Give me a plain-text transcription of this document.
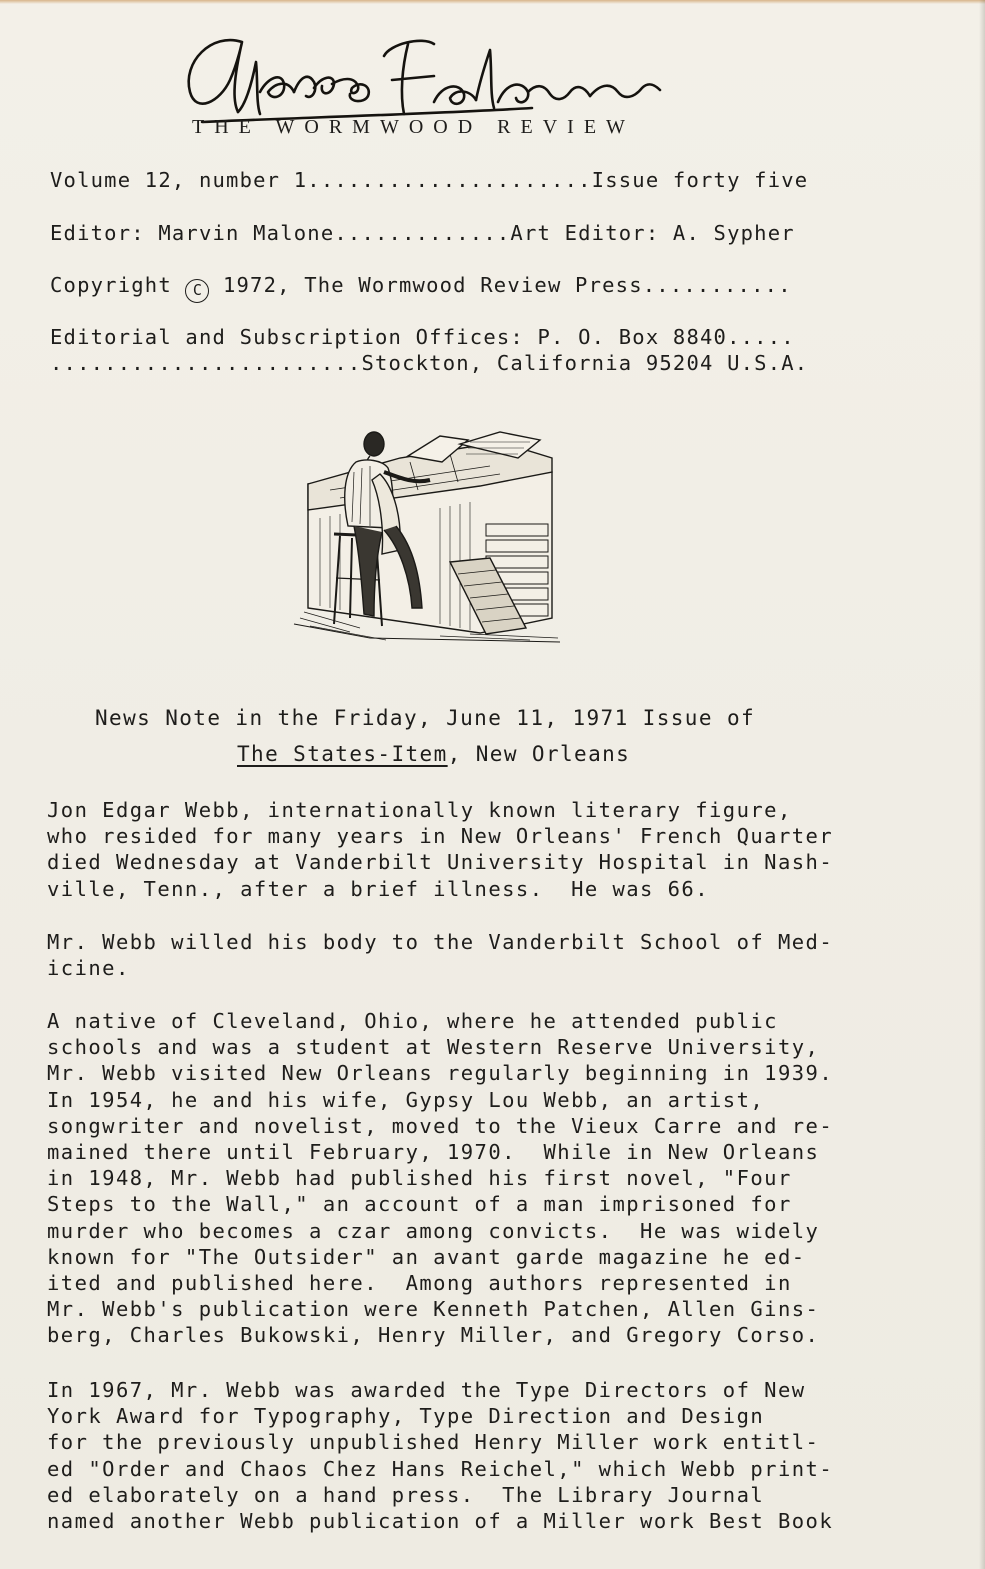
THE WORMWOOD REVIEW
Volume 12, number 1.....................Issue forty five
Editor: Marvin Malone.............Art Editor: A. Sypher
Copyright C 1972, The Wormwood Review Press...........
Editorial and Subscription Offices: P. O. Box 8840.....
.......................Stockton, California 95204 U.S.A.
News Note in the Friday, June 11, 1971 Issue of
The States-Item, New Orleans
Jon Edgar Webb, internationally known literary figure,
who resided for many years in New Orleans' French Quarter
died Wednesday at Vanderbilt University Hospital in Nash-
ville, Tenn., after a brief illness.  He was 66.
Mr. Webb willed his body to the Vanderbilt School of Med-
icine.
A native of Cleveland, Ohio, where he attended public
schools and was a student at Western Reserve University,
Mr. Webb visited New Orleans regularly beginning in 1939.
In 1954, he and his wife, Gypsy Lou Webb, an artist,
songwriter and novelist, moved to the Vieux Carre and re-
mained there until February, 1970.  While in New Orleans
in 1948, Mr. Webb had published his first novel, "Four
Steps to the Wall," an account of a man imprisoned for
murder who becomes a czar among convicts.  He was widely
known for "The Outsider" an avant garde magazine he ed-
ited and published here.  Among authors represented in
Mr. Webb's publication were Kenneth Patchen, Allen Gins-
berg, Charles Bukowski, Henry Miller, and Gregory Corso.
In 1967, Mr. Webb was awarded the Type Directors of New
York Award for Typography, Type Direction and Design
for the previously unpublished Henry Miller work entitl-
ed "Order and Chaos Chez Hans Reichel," which Webb print-
ed elaborately on a hand press.  The Library Journal
named another Webb publication of a Miller work Best Book
